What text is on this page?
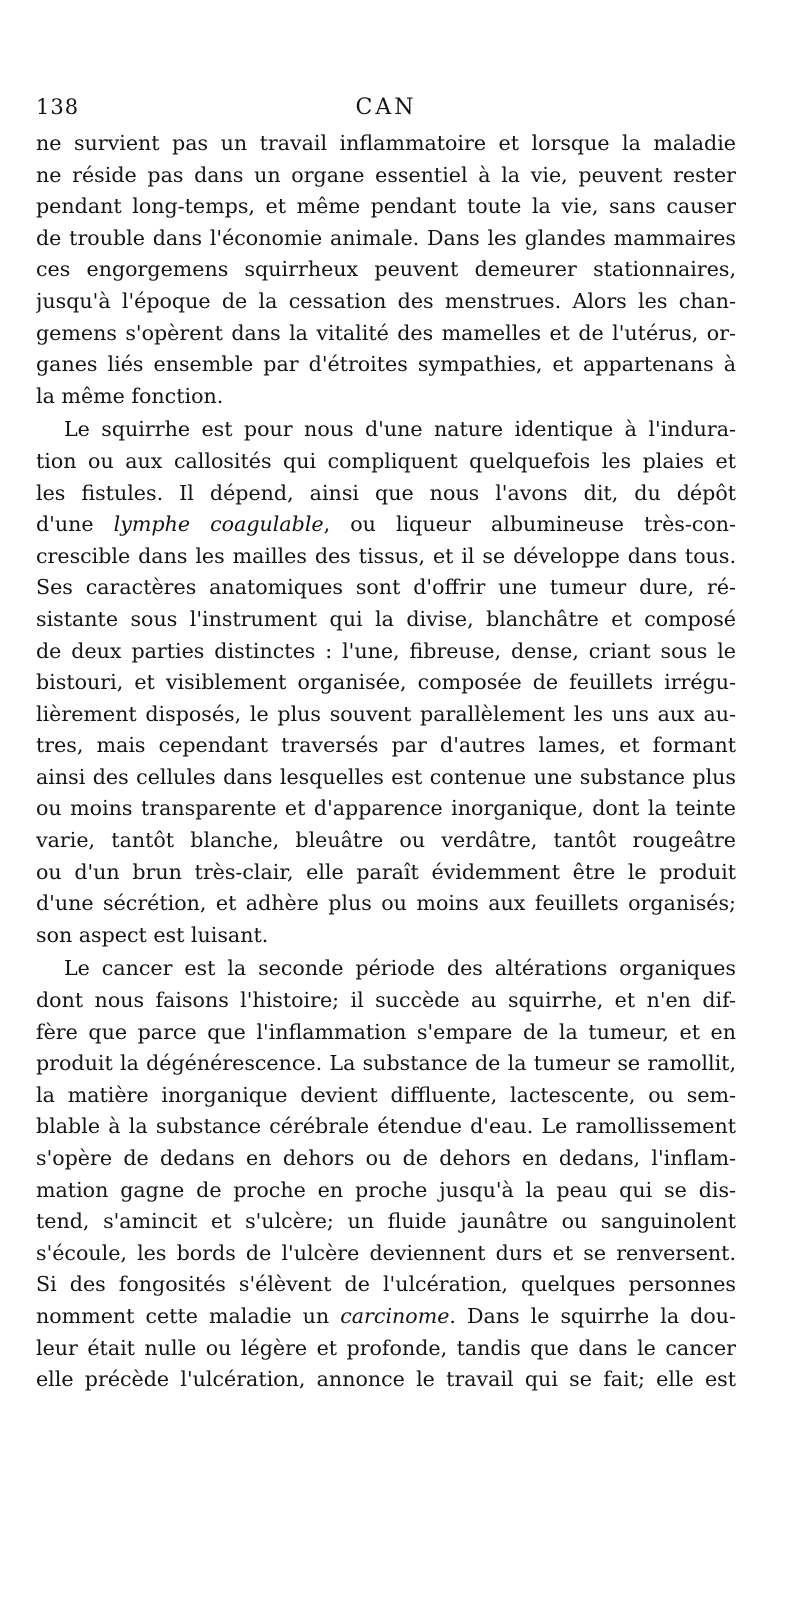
138	CAN
ne survient pas un travail inflammatoire et lorsque la maladie
ne réside pas dans un organe essentiel à la vie, peuvent rester
pendant long-temps, et même pendant toute la vie, sans causer
de trouble dans l'économie animale. Dans les glandes mammaires
ces engorgemens squirrheux peuvent demeurer stationnaires,
jusqu'à l'époque de la cessation des menstrues. Alors les chan-
gemens s'opèrent dans la vitalité des mamelles et de l'utérus, or-
ganes liés ensemble par d'étroites sympathies, et appartenans à
la même fonction.
Le squirrhe est pour nous d'une nature identique à l'indura-
tion ou aux callosités qui compliquent quelquefois les plaies et
les fistules. Il dépend, ainsi que nous l'avons dit, du dépôt
d'une lymphe coagulable, ou liqueur albumineuse très-con-
crescible dans les mailles des tissus, et il se développe dans tous.
Ses caractères anatomiques sont d'offrir une tumeur dure, ré-
sistante sous l'instrument qui la divise, blanchâtre et composé
de deux parties distinctes : l'une, fibreuse, dense, criant sous le
bistouri, et visiblement organisée, composée de feuillets irrégu-
lièrement disposés, le plus souvent parallèlement les uns aux au-
tres, mais cependant traversés par d'autres lames, et formant
ainsi des cellules dans lesquelles est contenue une substance plus
ou moins transparente et d'apparence inorganique, dont la teinte
varie, tantôt blanche, bleuâtre ou verdâtre, tantôt rougeâtre
ou d'un brun très-clair, elle paraît évidemment être le produit
d'une sécrétion, et adhère plus ou moins aux feuillets organisés;
son aspect est luisant.
Le cancer est la seconde période des altérations organiques
dont nous faisons l'histoire; il succède au squirrhe, et n'en dif-
fère que parce que l'inflammation s'empare de la tumeur, et en
produit la dégénérescence. La substance de la tumeur se ramollit,
la matière inorganique devient diffluente, lactescente, ou sem-
blable à la substance cérébrale étendue d'eau. Le ramollissement
s'opère de dedans en dehors ou de dehors en dedans, l'inflam-
mation gagne de proche en proche jusqu'à la peau qui se dis-
tend, s'amincit et s'ulcère; un fluide jaunâtre ou sanguinolent
s'écoule, les bords de l'ulcère deviennent durs et se renversent.
Si des fongosités s'élèvent de l'ulcération, quelques personnes
nomment cette maladie un carcinome. Dans le squirrhe la dou-
leur était nulle ou légère et profonde, tandis que dans le cancer
elle précède l'ulcération, annonce le travail qui se fait; elle est
